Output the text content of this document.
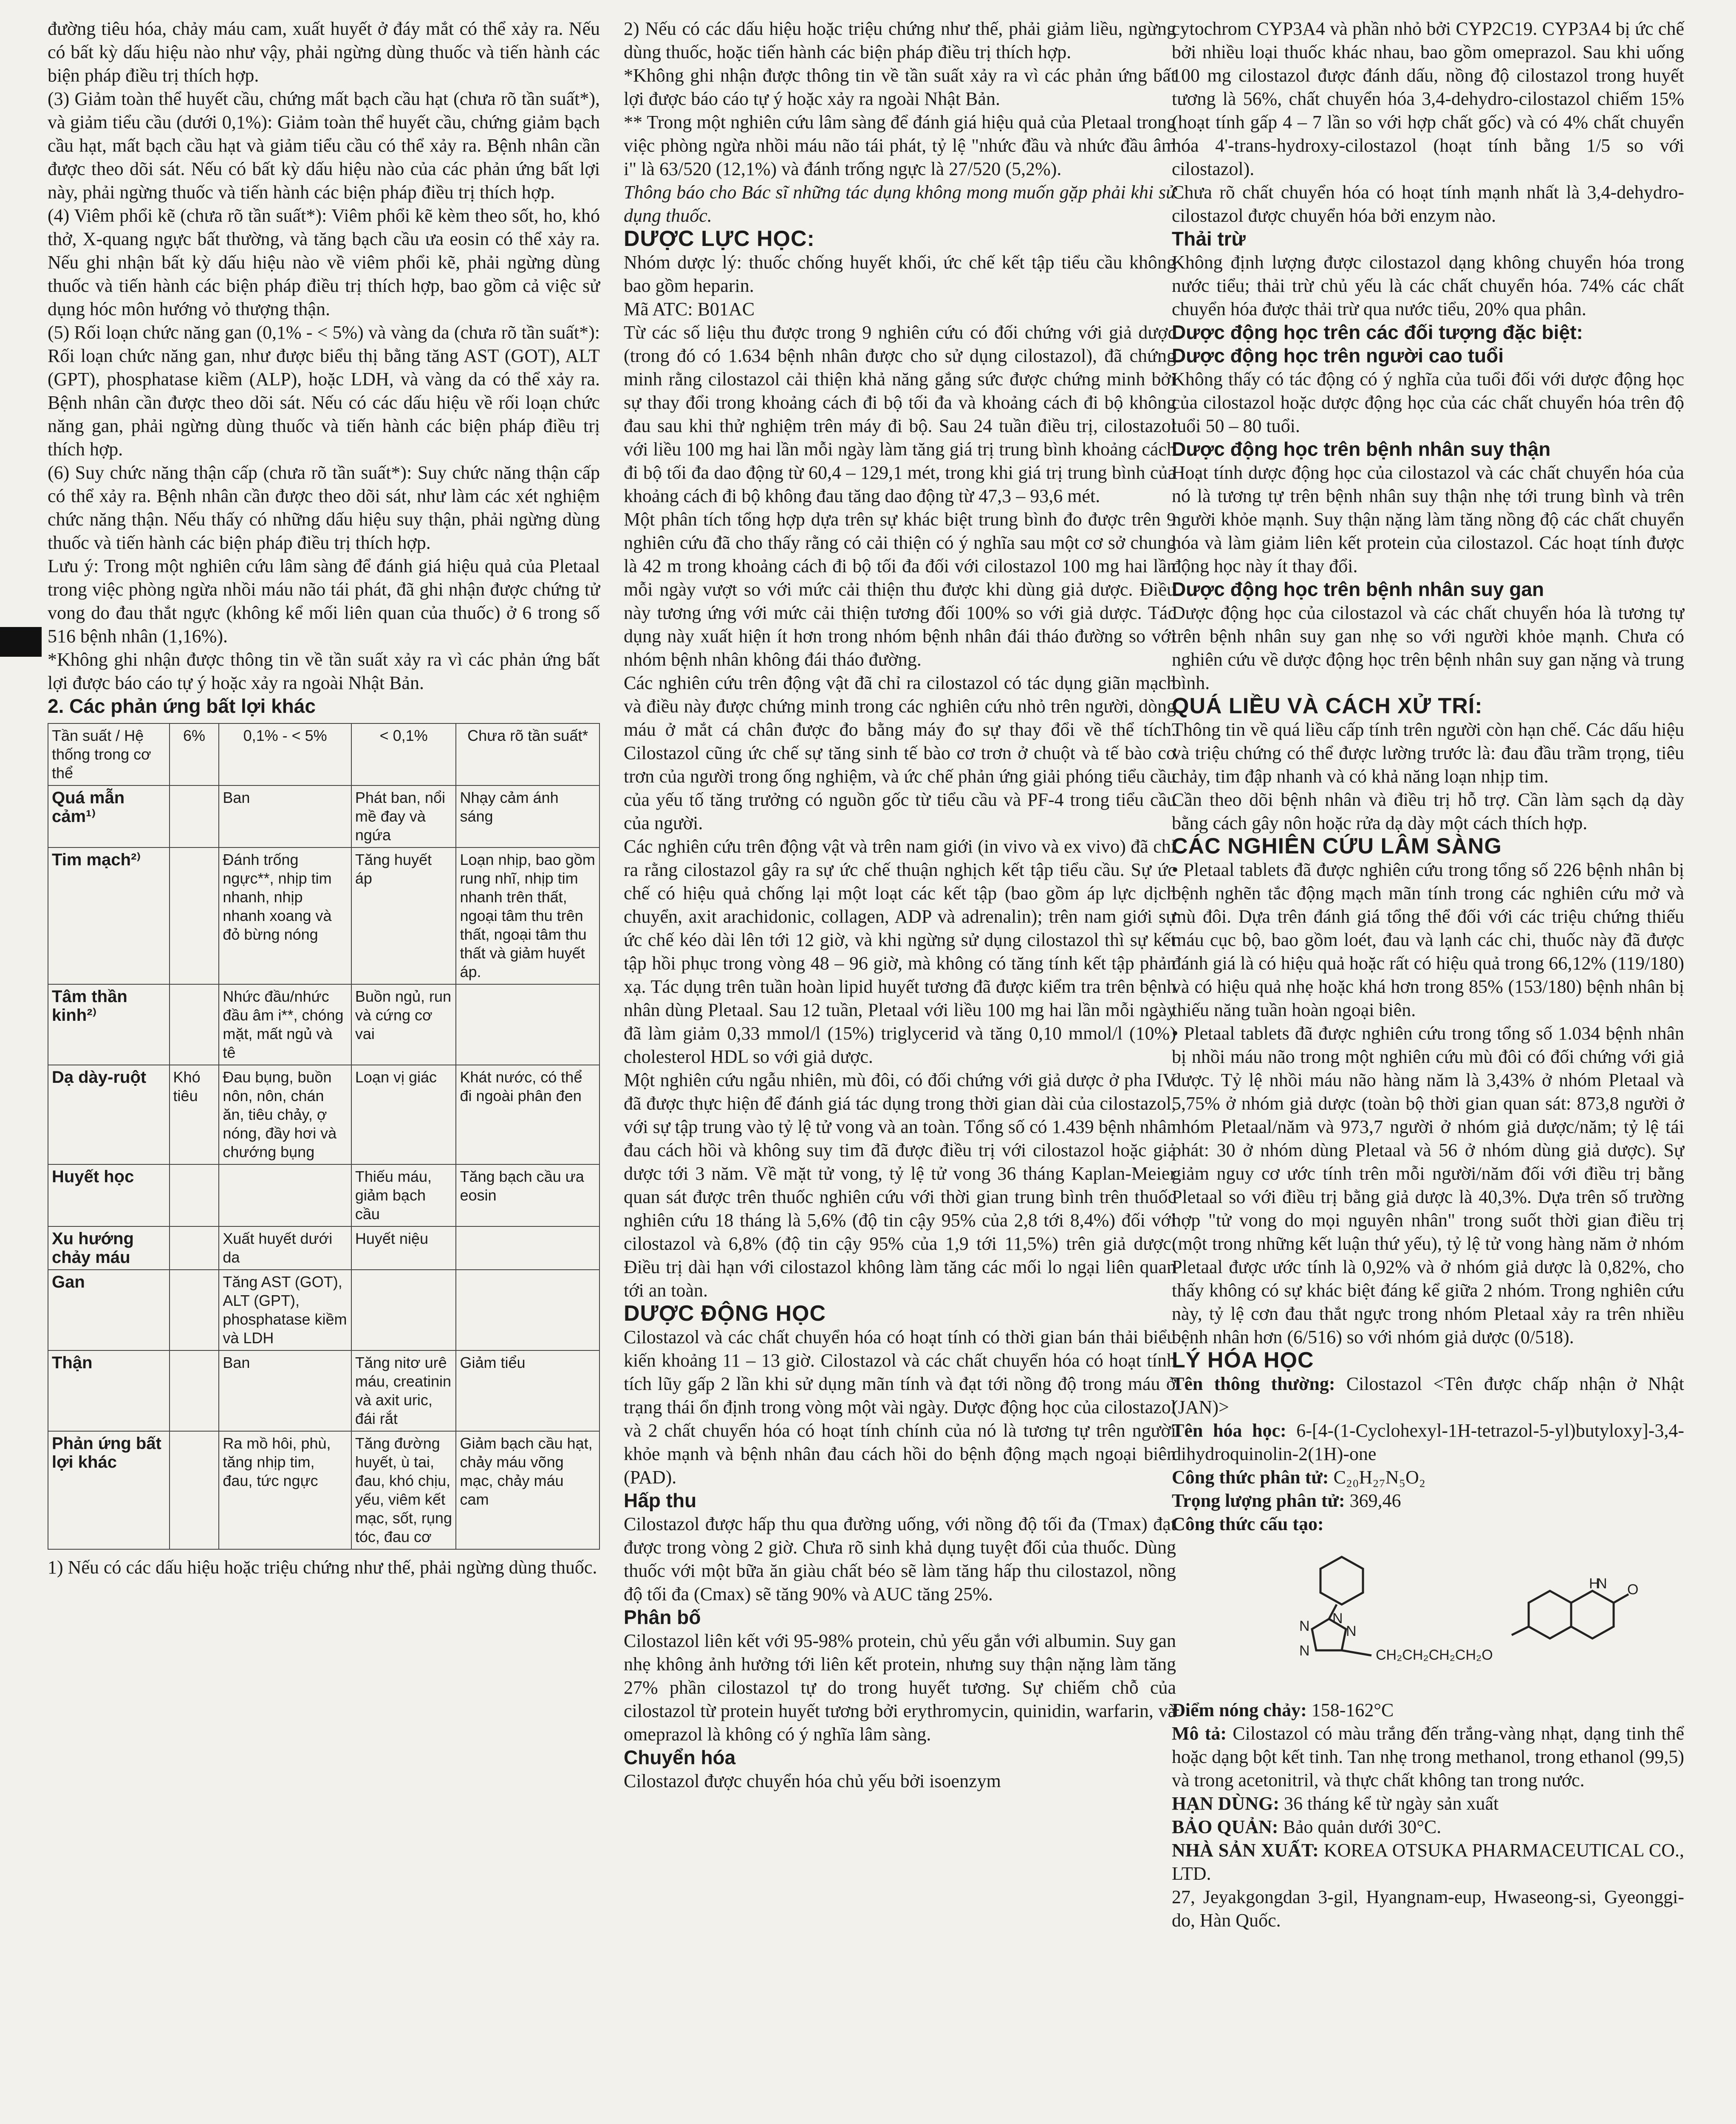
đường tiêu hóa, chảy máu cam, xuất huyết ở đáy mắt có thể xảy ra. Nếu có bất kỳ dấu hiệu nào như vậy, phải ngừng dùng thuốc và tiến hành các biện pháp điều trị thích hợp.

(3) Giảm toàn thể huyết cầu, chứng mất bạch cầu hạt (chưa rõ tần suất*), và giảm tiểu cầu (dưới 0,1%): Giảm toàn thể huyết cầu, chứng giảm bạch cầu hạt, mất bạch cầu hạt và giảm tiểu cầu có thể xảy ra. Bệnh nhân cần được theo dõi sát. Nếu có bất kỳ dấu hiệu nào của các phản ứng bất lợi này, phải ngừng thuốc và tiến hành các biện pháp điều trị thích hợp.

(4) Viêm phổi kẽ (chưa rõ tần suất*): Viêm phổi kẽ kèm theo sốt, ho, khó thở, X-quang ngực bất thường, và tăng bạch cầu ưa eosin có thể xảy ra. Nếu ghi nhận bất kỳ dấu hiệu nào về viêm phổi kẽ, phải ngừng dùng thuốc và tiến hành các biện pháp điều trị thích hợp, bao gồm cả việc sử dụng hóc môn hướng vỏ thượng thận.

(5) Rối loạn chức năng gan (0,1% - < 5%) và vàng da (chưa rõ tần suất*): Rối loạn chức năng gan, như được biểu thị bằng tăng AST (GOT), ALT (GPT), phosphatase kiềm (ALP), hoặc LDH, và vàng da có thể xảy ra. Bệnh nhân cần được theo dõi sát. Nếu có các dấu hiệu về rối loạn chức năng gan, phải ngừng dùng thuốc và tiến hành các biện pháp điều trị thích hợp.

(6) Suy chức năng thận cấp (chưa rõ tần suất*): Suy chức năng thận cấp có thể xảy ra. Bệnh nhân cần được theo dõi sát, như làm các xét nghiệm chức năng thận. Nếu thấy có những dấu hiệu suy thận, phải ngừng dùng thuốc và tiến hành các biện pháp điều trị thích hợp.

Lưu ý: Trong một nghiên cứu lâm sàng để đánh giá hiệu quả của Pletaal trong việc phòng ngừa nhồi máu não tái phát, đã ghi nhận được chứng tử vong do đau thắt ngực (không kể mối liên quan của thuốc) ở 6 trong số 516 bệnh nhân (1,16%).

*Không ghi nhận được thông tin về tần suất xảy ra vì các phản ứng bất lợi được báo cáo tự ý hoặc xảy ra ngoài Nhật Bản.

2. Các phản ứng bất lợi khác

Tần suất / Hệ thống trong cơ thể	6%	0,1% - < 5%	< 0,1%	Chưa rõ tần suất*
Quá mẫn cảm¹⁾		Ban	Phát ban, nổi mề đay và ngứa	Nhạy cảm ánh sáng
Tim mạch²⁾		Đánh trống ngực**, nhịp tim nhanh, nhịp nhanh xoang và đỏ bừng nóng	Tăng huyết áp	Loạn nhịp, bao gồm rung nhĩ, nhịp tim nhanh trên thất, ngoại tâm thu trên thất, ngoại tâm thu thất và giảm huyết áp.
Tâm thần kinh²⁾		Nhức đầu/nhức đầu âm i**, chóng mặt, mất ngủ và tê	Buồn ngủ, run và cứng cơ vai	
Dạ dày-ruột	Khó tiêu	Đau bụng, buồn nôn, nôn, chán ăn, tiêu chảy, ợ nóng, đầy hơi và chướng bụng	Loạn vị giác	Khát nước, có thể đi ngoài phân đen
Huyết học			Thiếu máu, giảm bạch cầu	Tăng bạch cầu ưa eosin
Xu hướng chảy máu		Xuất huyết dưới da	Huyết niệu	
Gan		Tăng AST (GOT), ALT (GPT), phosphatase kiềm và LDH		
Thận		Ban	Tăng nitơ urê máu, creatinin và axit uric, đái rắt	Giảm tiểu
Phản ứng bất lợi khác		Ra mồ hôi, phù, tăng nhịp tim, đau, tức ngực	Tăng đường huyết, ù tai, đau, khó chịu, yếu, viêm kết mạc, sốt, rụng tóc, đau cơ	Giảm bạch cầu hạt, chảy máu võng mạc, chảy máu cam

1) Nếu có các dấu hiệu hoặc triệu chứng như thế, phải ngừng dùng thuốc.

2) Nếu có các dấu hiệu hoặc triệu chứng như thế, phải giảm liều, ngừng dùng thuốc, hoặc tiến hành các biện pháp điều trị thích hợp.

*Không ghi nhận được thông tin về tần suất xảy ra vì các phản ứng bất lợi được báo cáo tự ý hoặc xảy ra ngoài Nhật Bản.

** Trong một nghiên cứu lâm sàng để đánh giá hiệu quả của Pletaal trong việc phòng ngừa nhồi máu não tái phát, tỷ lệ "nhức đầu và nhức đầu âm i" là 63/520 (12,1%) và đánh trống ngực là 27/520 (5,2%).

Thông báo cho Bác sĩ những tác dụng không mong muốn gặp phải khi sử dụng thuốc.

DƯỢC LỰC HỌC:

Nhóm dược lý: thuốc chống huyết khối, ức chế kết tập tiểu cầu không bao gồm heparin.

Mã ATC: B01AC

Từ các số liệu thu được trong 9 nghiên cứu có đối chứng với giả dược (trong đó có 1.634 bệnh nhân được cho sử dụng cilostazol), đã chứng minh rằng cilostazol cải thiện khả năng gắng sức được chứng minh bởi sự thay đổi trong khoảng cách đi bộ tối đa và khoảng cách đi bộ không đau sau khi thử nghiệm trên máy đi bộ. Sau 24 tuần điều trị, cilostazol với liều 100 mg hai lần mỗi ngày làm tăng giá trị trung bình khoảng cách đi bộ tối đa dao động từ 60,4 – 129,1 mét, trong khi giá trị trung bình của khoảng cách đi bộ không đau tăng dao động từ 47,3 – 93,6 mét.

Một phân tích tổng hợp dựa trên sự khác biệt trung bình đo được trên 9 nghiên cứu đã cho thấy rằng có cải thiện có ý nghĩa sau một cơ sở chung là 42 m trong khoảng cách đi bộ tối đa đối với cilostazol 100 mg hai lần mỗi ngày vượt so với mức cải thiện thu được khi dùng giả dược. Điều này tương ứng với mức cải thiện tương đối 100% so với giả dược. Tác dụng này xuất hiện ít hơn trong nhóm bệnh nhân đái tháo đường so với nhóm bệnh nhân không đái tháo đường.

Các nghiên cứu trên động vật đã chỉ ra cilostazol có tác dụng giãn mạch và điều này được chứng minh trong các nghiên cứu nhỏ trên người, dòng máu ở mắt cá chân được đo bằng máy đo sự thay đổi về thể tích. Cilostazol cũng ức chế sự tăng sinh tế bào cơ trơn ở chuột và tế bào cơ trơn của người trong ống nghiệm, và ức chế phản ứng giải phóng tiểu cầu của yếu tố tăng trưởng có nguồn gốc từ tiểu cầu và PF-4 trong tiểu cầu của người.

Các nghiên cứu trên động vật và trên nam giới (in vivo và ex vivo) đã chỉ ra rằng cilostazol gây ra sự ức chế thuận nghịch kết tập tiểu cầu. Sự ức chế có hiệu quả chống lại một loạt các kết tập (bao gồm áp lực dịch chuyển, axit arachidonic, collagen, ADP và adrenalin); trên nam giới sự ức chế kéo dài lên tới 12 giờ, và khi ngừng sử dụng cilostazol thì sự kết tập hồi phục trong vòng 48 – 96 giờ, mà không có tăng tính kết tập phản xạ. Tác dụng trên tuần hoàn lipid huyết tương đã được kiểm tra trên bệnh nhân dùng Pletaal. Sau 12 tuần, Pletaal với liều 100 mg hai lần mỗi ngày đã làm giảm 0,33 mmol/l (15%) triglycerid và tăng 0,10 mmol/l (10%) cholesterol HDL so với giả dược.

Một nghiên cứu ngẫu nhiên, mù đôi, có đối chứng với giả dược ở pha IV đã được thực hiện để đánh giá tác dụng trong thời gian dài của cilostazol, với sự tập trung vào tỷ lệ tử vong và an toàn. Tổng số có 1.439 bệnh nhân đau cách hồi và không suy tim đã được điều trị với cilostazol hoặc giả dược tới 3 năm. Về mặt tử vong, tỷ lệ tử vong 36 tháng Kaplan-Meier quan sát được trên thuốc nghiên cứu với thời gian trung bình trên thuốc nghiên cứu 18 tháng là 5,6% (độ tin cậy 95% của 2,8 tới 8,4%) đối với cilostazol và 6,8% (độ tin cậy 95% của 1,9 tới 11,5%) trên giả dược. Điều trị dài hạn với cilostazol không làm tăng các mối lo ngại liên quan tới an toàn.

DƯỢC ĐỘNG HỌC

Cilostazol và các chất chuyển hóa có hoạt tính có thời gian bán thải biểu kiến khoảng 11 – 13 giờ. Cilostazol và các chất chuyển hóa có hoạt tính tích lũy gấp 2 lần khi sử dụng mãn tính và đạt tới nồng độ trong máu ở trạng thái ổn định trong vòng một vài ngày. Dược động học của cilostazol và 2 chất chuyển hóa có hoạt tính chính của nó là tương tự trên người khỏe mạnh và bệnh nhân đau cách hồi do bệnh động mạch ngoại biên (PAD).

Hấp thu

Cilostazol được hấp thu qua đường uống, với nồng độ tối đa (Tmax) đạt được trong vòng 2 giờ. Chưa rõ sinh khả dụng tuyệt đối của thuốc. Dùng thuốc với một bữa ăn giàu chất béo sẽ làm tăng hấp thu cilostazol, nồng độ tối đa (Cmax) sẽ tăng 90% và AUC tăng 25%.

Phân bố

Cilostazol liên kết với 95-98% protein, chủ yếu gắn với albumin. Suy gan nhẹ không ảnh hưởng tới liên kết protein, nhưng suy thận nặng làm tăng 27% phần cilostazol tự do trong huyết tương. Sự chiếm chỗ của cilostazol từ protein huyết tương bởi erythromycin, quinidin, warfarin, và omeprazol là không có ý nghĩa lâm sàng.

Chuyển hóa

Cilostazol được chuyển hóa chủ yếu bởi isoenzym

cytochrom CYP3A4 và phần nhỏ bởi CYP2C19. CYP3A4 bị ức chế bởi nhiều loại thuốc khác nhau, bao gồm omeprazol. Sau khi uống 100 mg cilostazol được đánh dấu, nồng độ cilostazol trong huyết tương là 56%, chất chuyển hóa 3,4-dehydro-cilostazol chiếm 15% (hoạt tính gấp 4 – 7 lần so với hợp chất gốc) và có 4% chất chuyển hóa 4'-trans-hydroxy-cilostazol (hoạt tính bằng 1/5 so với cilostazol).

Chưa rõ chất chuyển hóa có hoạt tính mạnh nhất là 3,4-dehydro-cilostazol được chuyển hóa bởi enzym nào.

Thải trừ

Không định lượng được cilostazol dạng không chuyển hóa trong nước tiểu; thải trừ chủ yếu là các chất chuyển hóa. 74% các chất chuyển hóa được thải trừ qua nước tiểu, 20% qua phân.

Dược động học trên các đối tượng đặc biệt:

Dược động học trên người cao tuổi

Không thấy có tác động có ý nghĩa của tuổi đối với dược động học của cilostazol hoặc dược động học của các chất chuyển hóa trên độ tuổi 50 – 80 tuổi.

Dược động học trên bệnh nhân suy thận

Hoạt tính dược động học của cilostazol và các chất chuyển hóa của nó là tương tự trên bệnh nhân suy thận nhẹ tới trung bình và trên người khỏe mạnh. Suy thận nặng làm tăng nồng độ các chất chuyển hóa và làm giảm liên kết protein của cilostazol. Các hoạt tính được động học này ít thay đổi.

Dược động học trên bệnh nhân suy gan

Dược động học của cilostazol và các chất chuyển hóa là tương tự trên bệnh nhân suy gan nhẹ so với người khỏe mạnh. Chưa có nghiên cứu về dược động học trên bệnh nhân suy gan nặng và trung bình.

QUÁ LIỀU VÀ CÁCH XỬ TRÍ:

Thông tin về quá liều cấp tính trên người còn hạn chế. Các dấu hiệu và triệu chứng có thể được lường trước là: đau đầu trầm trọng, tiêu chảy, tim đập nhanh và có khả năng loạn nhịp tim.

Cần theo dõi bệnh nhân và điều trị hỗ trợ. Cần làm sạch dạ dày bằng cách gây nôn hoặc rửa dạ dày một cách thích hợp.

CÁC NGHIÊN CỨU LÂM SÀNG

• Pletaal tablets đã được nghiên cứu trong tổng số 226 bệnh nhân bị bệnh nghẽn tắc động mạch mãn tính trong các nghiên cứu mở và mù đôi. Dựa trên đánh giá tổng thể đối với các triệu chứng thiếu máu cục bộ, bao gồm loét, đau và lạnh các chi, thuốc này đã được đánh giá là có hiệu quả hoặc rất có hiệu quả trong 66,12% (119/180) và có hiệu quả nhẹ hoặc khá hơn trong 85% (153/180) bệnh nhân bị thiếu năng tuần hoàn ngoại biên.

• Pletaal tablets đã được nghiên cứu trong tổng số 1.034 bệnh nhân bị nhồi máu não trong một nghiên cứu mù đôi có đối chứng với giả dược. Tỷ lệ nhồi máu não hàng năm là 3,43% ở nhóm Pletaal và 5,75% ở nhóm giả dược (toàn bộ thời gian quan sát: 873,8 người ở nhóm Pletaal/năm và 973,7 người ở nhóm giả dược/năm; tỷ lệ tái phát: 30 ở nhóm dùng Pletaal và 56 ở nhóm dùng giả dược). Sự giảm nguy cơ ước tính trên mỗi người/năm đối với điều trị bằng Pletaal so với điều trị bằng giả dược là 40,3%. Dựa trên số trường hợp "tử vong do mọi nguyên nhân" trong suốt thời gian điều trị (một trong những kết luận thứ yếu), tỷ lệ tử vong hàng năm ở nhóm Pletaal được ước tính là 0,92% và ở nhóm giả dược là 0,82%, cho thấy không có sự khác biệt đáng kể giữa 2 nhóm. Trong nghiên cứu này, tỷ lệ cơn đau thắt ngực trong nhóm Pletaal xảy ra trên nhiều bệnh nhân hơn (6/516) so với nhóm giả dược (0/518).

LÝ HÓA HỌC

Tên thông thường: Cilostazol <Tên được chấp nhận ở Nhật (JAN)>

Tên hóa học: 6-[4-(1-Cyclohexyl-1H-tetrazol-5-yl)butyloxy]-3,4-dihydroquinolin-2(1H)-one

Công thức phân tử: C₂₀H₂₇N₅O₂

Trọng lượng phân tử: 369,46

Công thức cấu tạo:

N
N
N
N
H
N O
CH₂CH₂CH₂CH₂O

Điểm nóng chảy: 158-162°C

Mô tả: Cilostazol có màu trắng đến trắng-vàng nhạt, dạng tinh thể hoặc dạng bột kết tinh. Tan nhẹ trong methanol, trong ethanol (99,5) và trong acetonitril, và thực chất không tan trong nước.

HẠN DÙNG: 36 tháng kể từ ngày sản xuất

BẢO QUẢN: Bảo quản dưới 30°C.

NHÀ SẢN XUẤT: KOREA OTSUKA PHARMACEUTICAL CO., LTD.

27, Jeyakgongdan 3-gil, Hyangnam-eup, Hwaseong-si, Gyeonggi-do, Hàn Quốc.
